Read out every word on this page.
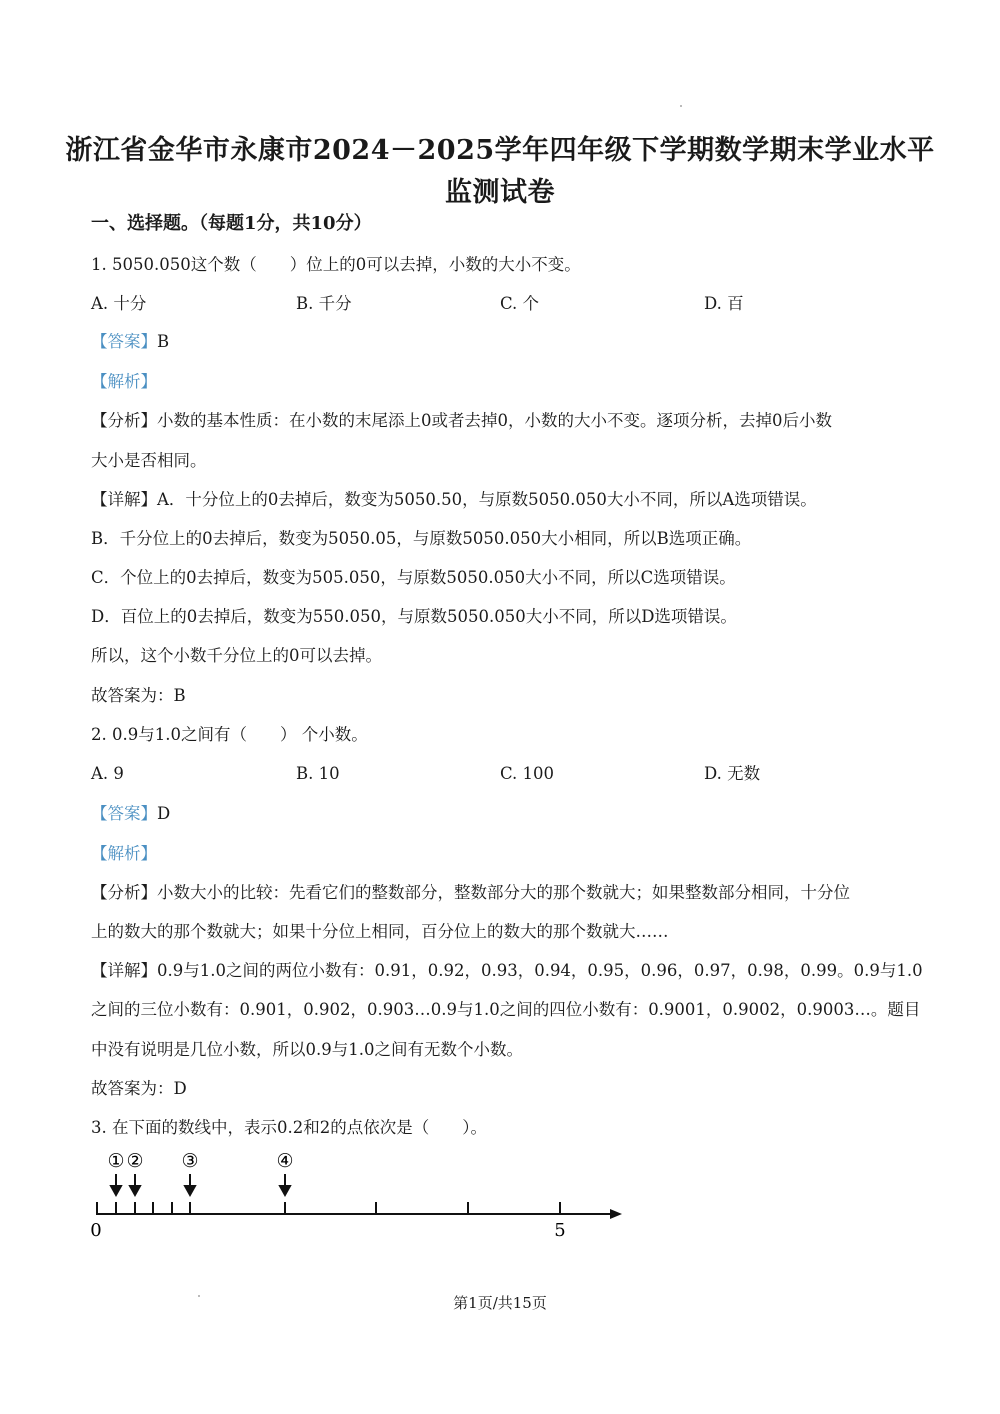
浙江省金华市永康市2024－2025学年四年级下学期数学期末学业水平
监测试卷
一、选择题。（每题1分，共10分）
1. 5050.050这个数（　　）位上的0可以去掉，小数的大小不变。
A. 十分	B. 千分	C. 个	D. 百
【答案】B
【解析】
【分析】小数的基本性质：在小数的末尾添上0或者去掉0，小数的大小不变。逐项分析，去掉0后小数
大小是否相同。
【详解】A．十分位上的0去掉后，数变为5050.50，与原数5050.050大小不同，所以A选项错误。
B．千分位上的0去掉后，数变为5050.05，与原数5050.050大小相同，所以B选项正确。
C．个位上的0去掉后，数变为505.050，与原数5050.050大小不同，所以C选项错误。
D．百位上的0去掉后，数变为550.050，与原数5050.050大小不同，所以D选项错误。
所以，这个小数千分位上的0可以去掉。
故答案为：B
2. 0.9与1.0之间有（　　） 个小数。
A. 9	B. 10	C. 100	D. 无数
【答案】D
【解析】
【分析】小数大小的比较：先看它们的整数部分，整数部分大的那个数就大；如果整数部分相同，十分位
上的数大的那个数就大；如果十分位上相同，百分位上的数大的那个数就大……
【详解】0.9与1.0之间的两位小数有：0.91，0.92，0.93，0.94，0.95，0.96，0.97，0.98，0.99。0.9与1.0
之间的三位小数有：0.901，0.902，0.903…0.9与1.0之间的四位小数有：0.9001，0.9002，0.9003…。题目
中没有说明是几位小数，所以0.9与1.0之间有无数个小数。
故答案为：D
3. 在下面的数线中，表示0.2和2的点依次是（　　）。
① ② ③	④
0	5
第1页/共15页
